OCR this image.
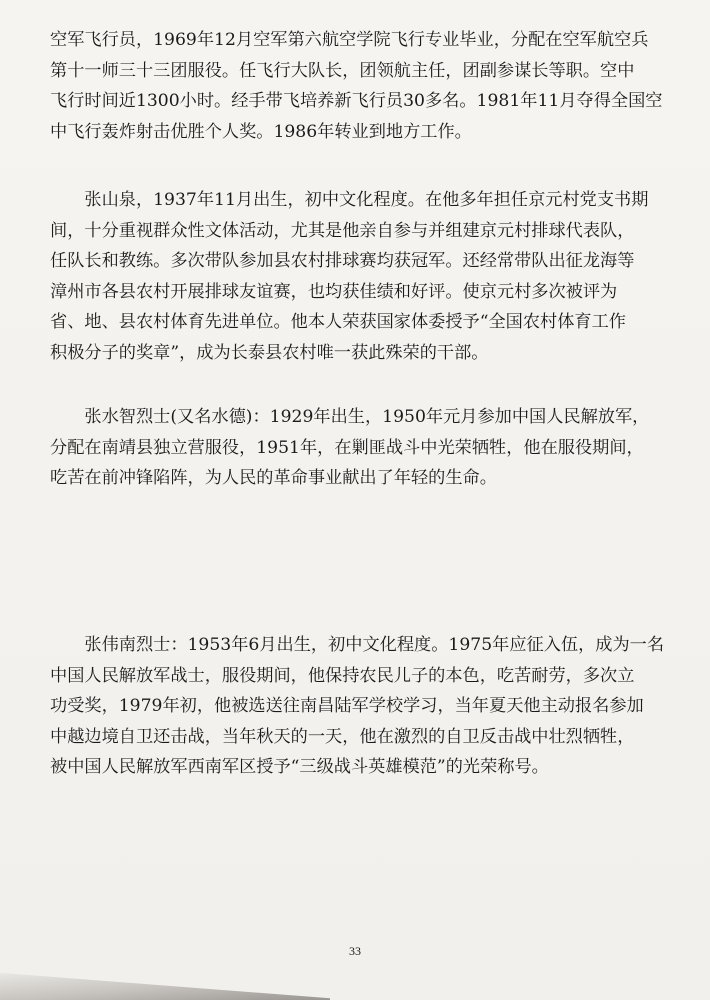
空军飞行员，1969年12月空军第六航空学院飞行专业毕业，分配在空军航空兵
第十一师三十三团服役。任飞行大队长，团领航主任，团副参谋长等职。空中
飞行时间近1300小时。经手带飞培养新飞行员30多名。1981年11月夺得全国空
中飞行轰炸射击优胜个人奖。1986年转业到地方工作。

　　张山泉，1937年11月出生，初中文化程度。在他多年担任京元村党支书期
间，十分重视群众性文体活动，尤其是他亲自参与并组建京元村排球代表队，
任队长和教练。多次带队参加县农村排球赛均获冠军。还经常带队出征龙海等
漳州市各县农村开展排球友谊赛，也均获佳绩和好评。使京元村多次被评为
省、地、县农村体育先进单位。他本人荣获国家体委授予“全国农村体育工作
积极分子的奖章”，成为长泰县农村唯一获此殊荣的干部。

　　张水智烈士(又名水德)：1929年出生，1950年元月参加中国人民解放军，
分配在南靖县独立营服役，1951年，在剿匪战斗中光荣牺牲，他在服役期间，
吃苦在前冲锋陷阵，为人民的革命事业献出了年轻的生命。

　　张伟南烈士：1953年6月出生，初中文化程度。1975年应征入伍，成为一名
中国人民解放军战士，服役期间，他保持农民儿子的本色，吃苦耐劳，多次立
功受奖，1979年初，他被选送往南昌陆军学校学习，当年夏天他主动报名参加
中越边境自卫还击战，当年秋天的一天，他在激烈的自卫反击战中壮烈牺牲，
被中国人民解放军西南军区授予“三级战斗英雄模范”的光荣称号。

33
